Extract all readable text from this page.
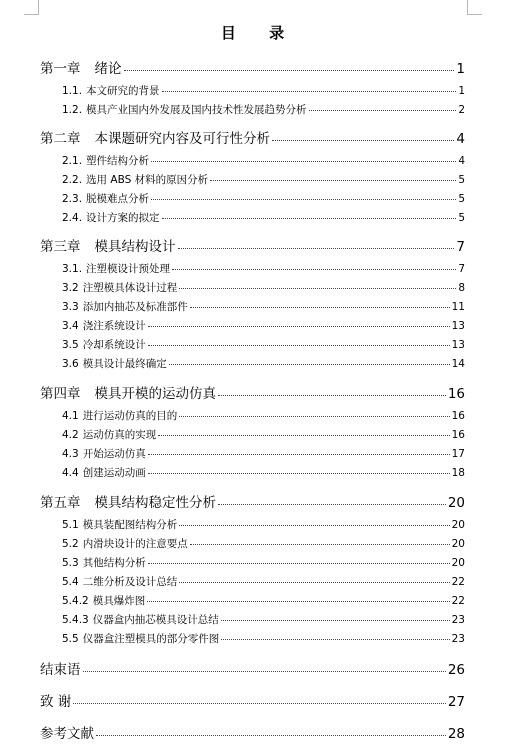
目 录
第一章 绪论	1
1.1. 本文研究的背景	1
1.2. 模具产业国内外发展及国内技术性发展趋势分析	2
第二章 本课题研究内容及可行性分析	4
2.1. 塑件结构分析	4
2.2. 选用 ABS 材料的原因分析	5
2.3. 脱模难点分析	5
2.4. 设计方案的拟定	5
第三章 模具结构设计	7
3.1. 注塑模设计预处理	7
3.2 注塑模具体设计过程	8
3.3 添加内抽芯及标准部件	11
3.4 浇注系统设计	13
3.5 冷却系统设计	13
3.6 模具设计最终确定	14
第四章 模具开模的运动仿真	16
4.1 进行运动仿真的目的	16
4.2 运动仿真的实现	16
4.3 开始运动仿真	17
4.4 创建运动动画	18
第五章 模具结构稳定性分析	20
5.1 模具装配图结构分析	20
5.2 内滑块设计的注意要点	20
5.3 其他结构分析	20
5.4 二维分析及设计总结	22
5.4.2 模具爆炸图	22
5.4.3 仪器盒内抽芯模具设计总结	23
5.5 仪器盒注塑模具的部分零件图	23
结束语	26
致 谢	27
参考文献	28
